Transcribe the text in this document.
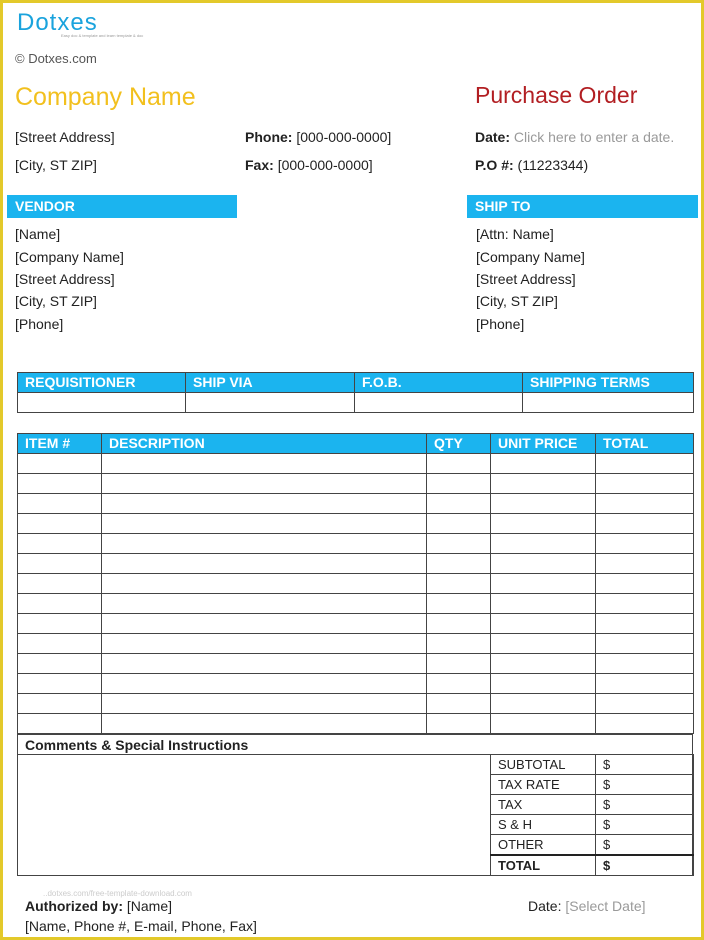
Dotxes
Easy doc & template and learn template & doc
© Dotxes.com
Company Name	Purchase Order
[Street Address]
[City, ST ZIP]
Phone: [000-000-0000]
Fax: [000-000-0000]
Date: Click here to enter a date.
P.O #: (11223344)
VENDOR
[Name]
[Company Name]
[Street Address]
[City, ST ZIP]
[Phone]
SHIP TO
[Attn: Name]
[Company Name]
[Street Address]
[City, ST ZIP]
[Phone]
REQUISITIONER	SHIP VIA	F.O.B.	SHIPPING TERMS

ITEM #	DESCRIPTION	QTY	UNIT PRICE	TOTAL

Comments & Special Instructions
SUBTOTAL	$
TAX RATE	$
TAX	$
S & H	$
OTHER	$
TOTAL	$
..dotxes.com/free-template-download.com
Authorized by: [Name]
[Name, Phone #, E-mail, Phone, Fax]
Date: [Select Date]
